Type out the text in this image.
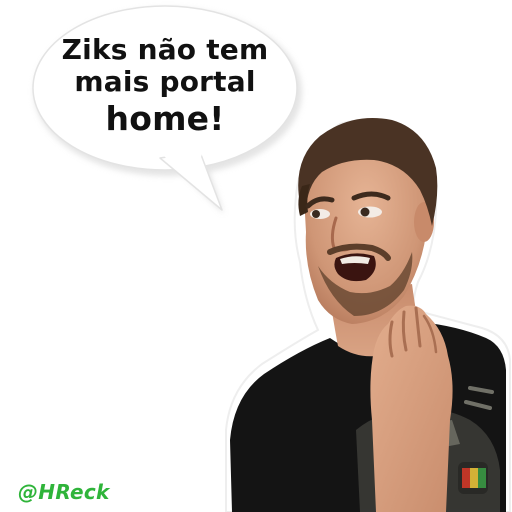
Ziks não tem
mais portal
home!
@HReck
